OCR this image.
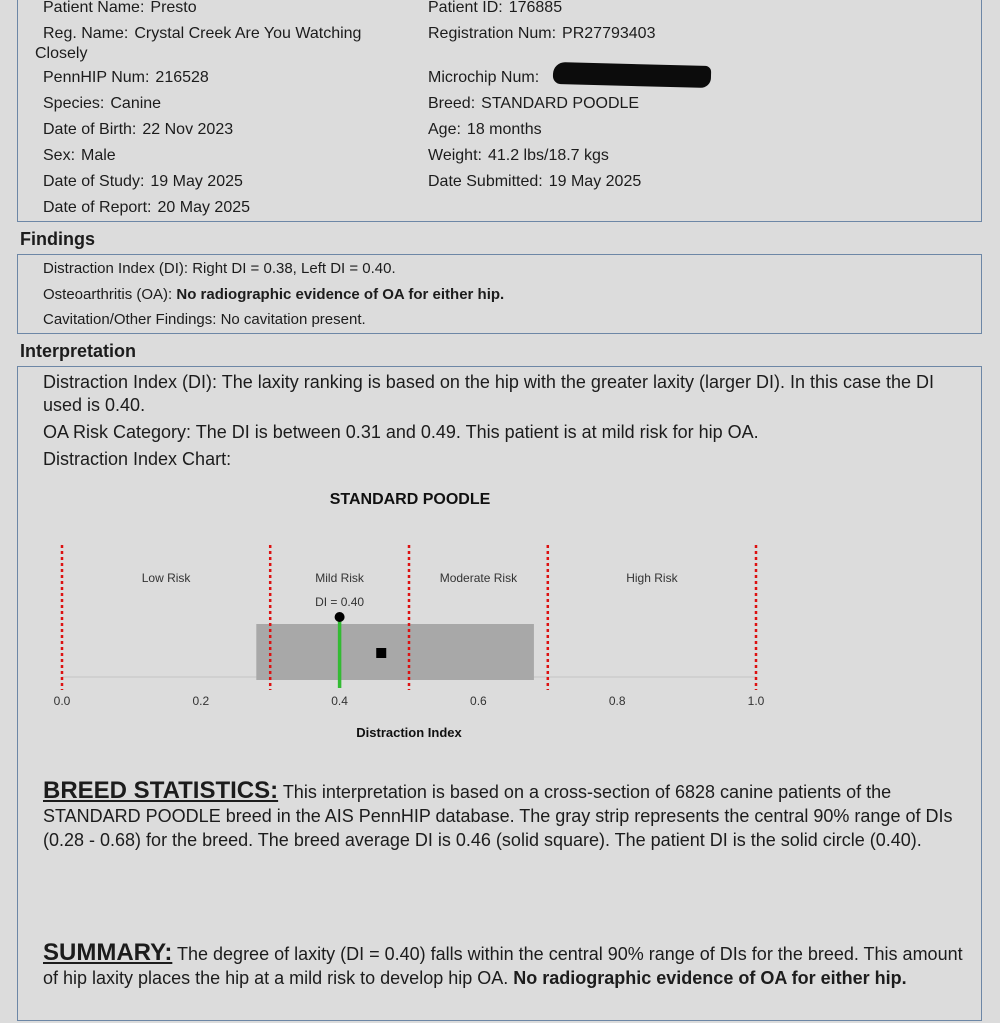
Patient Name: Presto
Reg. Name: Crystal Creek Are You Watching Closely
PennHIP Num: 216528
Species: Canine
Date of Birth: 22 Nov 2023
Sex: Male
Date of Study: 19 May 2025
Date of Report: 20 May 2025
Patient ID: 176885
Registration Num: PR27793403
Microchip Num:
Breed: STANDARD POODLE
Age: 18 months
Weight: 41.2 lbs/18.7 kgs
Date Submitted: 19 May 2025
Findings
Distraction Index (DI): Right DI = 0.38, Left DI = 0.40.
Osteoarthritis (OA): No radiographic evidence of OA for either hip.
Cavitation/Other Findings: No cavitation present.
Interpretation
Distraction Index (DI): The laxity ranking is based on the hip with the greater laxity (larger DI). In this case the DI used is 0.40.
OA Risk Category: The DI is between 0.31 and 0.49. This patient is at mild risk for hip OA.
Distraction Index Chart:
BREED STATISTICS: This interpretation is based on a cross-section of 6828 canine patients of the STANDARD POODLE breed in the AIS PennHIP database. The gray strip represents the central 90% range of DIs (0.28 - 0.68) for the breed. The breed average DI is 0.46 (solid square). The patient DI is the solid circle (0.40).
SUMMARY: The degree of laxity (DI = 0.40) falls within the central 90% range of DIs for the breed. This amount of hip laxity places the hip at a mild risk to develop hip OA. No radiographic evidence of OA for either hip.
STANDARD POODLE
Low Risk	Mild Risk	Moderate Risk	High Risk
DI = 0.40
0.0	0.2	0.4	0.6	0.8	1.0
Distraction Index
